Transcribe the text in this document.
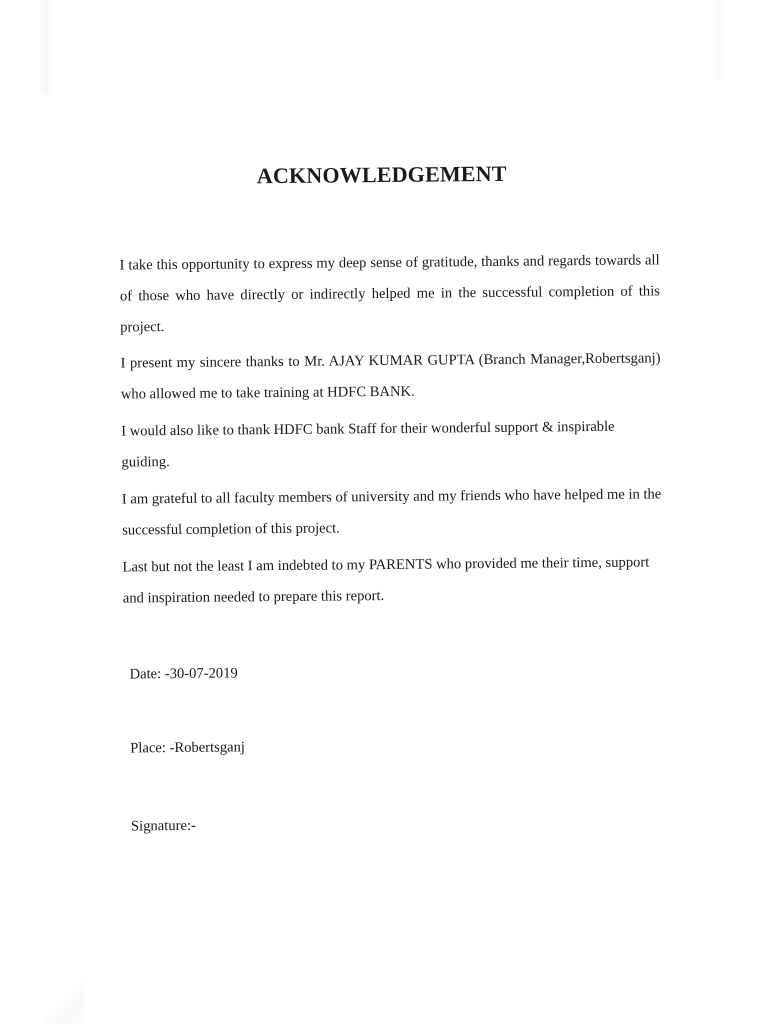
ACKNOWLEDGEMENT

I take this opportunity to express my deep sense of gratitude, thanks and regards towards all of those who have directly or indirectly helped me in the successful completion of this project.

I present my sincere thanks to Mr. AJAY KUMAR GUPTA (Branch Manager,Robertsganj) who allowed me to take training at HDFC BANK.

I would also like to thank HDFC bank Staff for their wonderful support & inspirable guiding.

I am grateful to all faculty members of university and my friends who have helped me in the successful completion of this project.

Last but not the least I am indebted to my PARENTS who provided me their time, support and inspiration needed to prepare this report.

Date: -30-07-2019

Place: -Robertsganj

Signature:-
